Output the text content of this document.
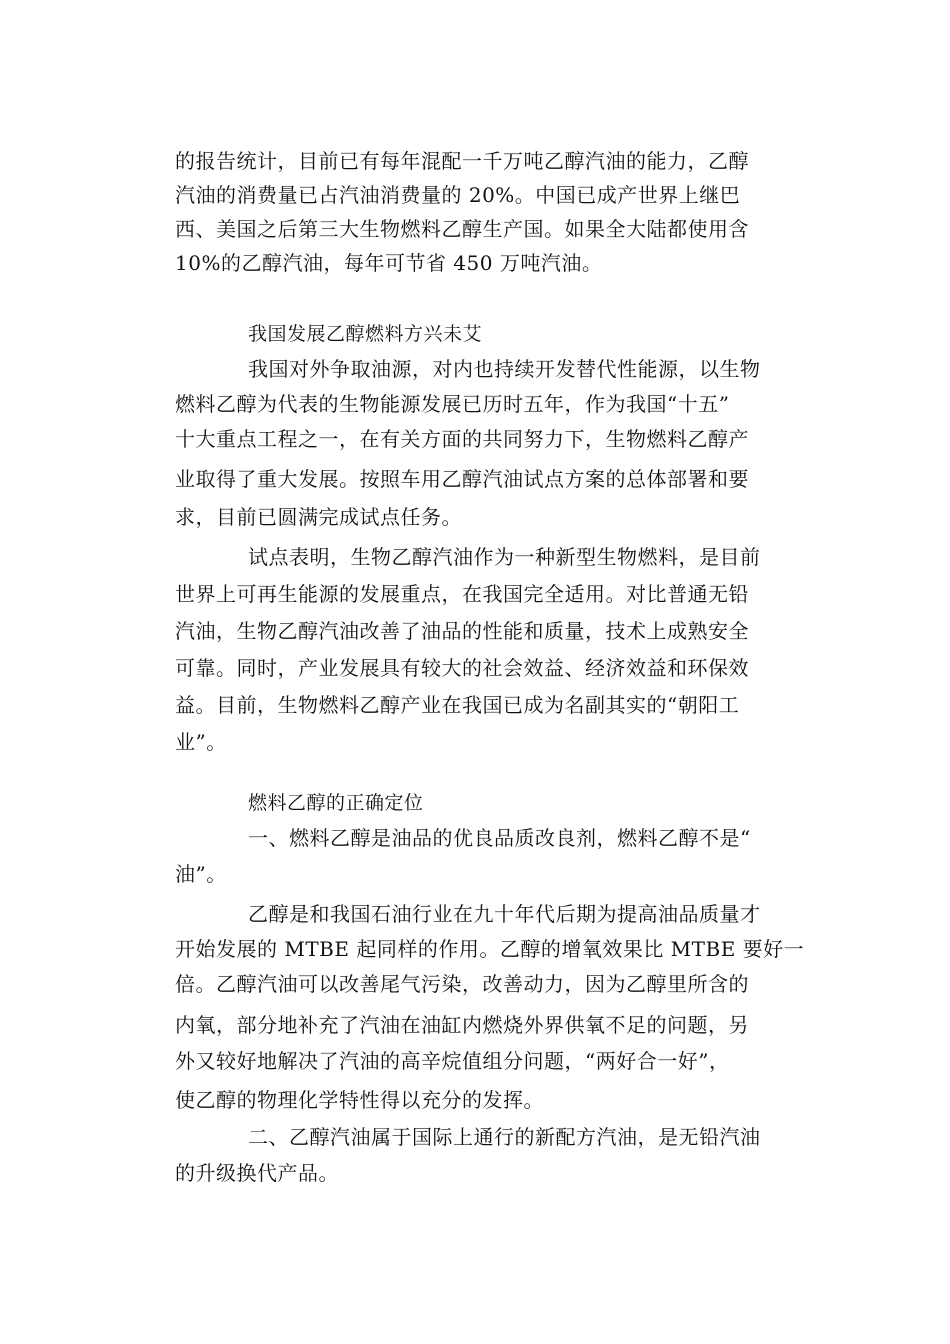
的报告统计，目前已有每年混配一千万吨乙醇汽油的能力，乙醇
汽油的消费量已占汽油消费量的 20%。中国已成产世界上继巴
西、美国之后第三大生物燃料乙醇生产国。如果全大陆都使用含
10%的乙醇汽油，每年可节省 450 万吨汽油。
我国发展乙醇燃料方兴未艾
我国对外争取油源，对内也持续开发替代性能源，以生物
燃料乙醇为代表的生物能源发展已历时五年，作为我国“十五”
十大重点工程之一，在有关方面的共同努力下，生物燃料乙醇产
业取得了重大发展。按照车用乙醇汽油试点方案的总体部署和要
求，目前已圆满完成试点任务。
试点表明，生物乙醇汽油作为一种新型生物燃料，是目前
世界上可再生能源的发展重点，在我国完全适用。对比普通无铅
汽油，生物乙醇汽油改善了油品的性能和质量，技术上成熟安全
可靠。同时，产业发展具有较大的社会效益、经济效益和环保效
益。目前，生物燃料乙醇产业在我国已成为名副其实的“朝阳工
业”。
燃料乙醇的正确定位
一、燃料乙醇是油品的优良品质改良剂，燃料乙醇不是“
油”。
乙醇是和我国石油行业在九十年代后期为提高油品质量才
开始发展的 MTBE 起同样的作用。乙醇的增氧效果比 MTBE 要好一
倍。乙醇汽油可以改善尾气污染，改善动力，因为乙醇里所含的
内氧，部分地补充了汽油在油缸内燃烧外界供氧不足的问题，另
外又较好地解决了汽油的高辛烷值组分问题，“两好合一好”，
使乙醇的物理化学特性得以充分的发挥。
二、乙醇汽油属于国际上通行的新配方汽油，是无铅汽油
的升级换代产品。
